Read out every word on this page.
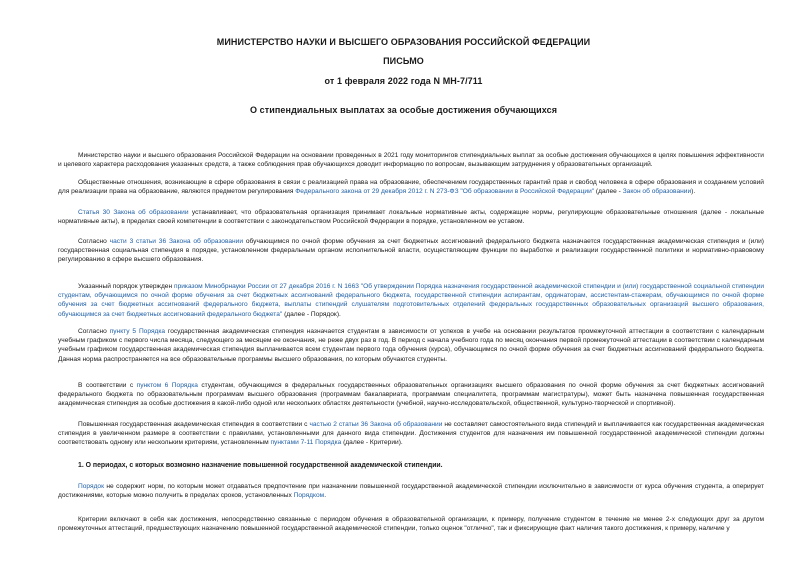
МИНИСТЕРСТВО НАУКИ И ВЫСШЕГО ОБРАЗОВАНИЯ РОССИЙСКОЙ ФЕДЕРАЦИИ
ПИСЬМО
от 1 февраля 2022 года N МН-7/711
О стипендиальных выплатах за особые достижения обучающихся

Министерство науки и высшего образования Российской Федерации на основании проведенных в 2021 году мониторингов стипендиальных выплат за особые достижения обучающихся в целях повышения эффективности и целевого характера расходования указанных средств, а также соблюдения прав обучающихся доводит информацию по вопросам, вызывающим затруднения у образовательных организаций.

Общественные отношения, возникающие в сфере образования в связи с реализацией права на образование, обеспечением государственных гарантий прав и свобод человека в сфере образования и созданием условий для реализации права на образование, являются предметом регулирования Федерального закона от 29 декабря 2012 г. N 273-ФЗ "Об образовании в Российской Федерации" (далее - Закон об образовании).

Статья 30 Закона об образовании устанавливает, что образовательная организация принимает локальные нормативные акты, содержащие нормы, регулирующие образовательные отношения (далее - локальные нормативные акты), в пределах своей компетенции в соответствии с законодательством Российской Федерации в порядке, установленном ее уставом.

Согласно части 3 статьи 36 Закона об образовании обучающимся по очной форме обучения за счет бюджетных ассигнований федерального бюджета назначается государственная академическая стипендия и (или) государственная социальная стипендия в порядке, установленном федеральным органом исполнительной власти, осуществляющим функции по выработке и реализации государственной политики и нормативно-правовому регулированию в сфере высшего образования.

Указанный порядок утвержден приказом Минобрнауки России от 27 декабря 2016 г. N 1663 "Об утверждении Порядка назначения государственной академической стипендии и (или) государственной социальной стипендии студентам, обучающимся по очной форме обучения за счет бюджетных ассигнований федерального бюджета, государственной стипендии аспирантам, ординаторам, ассистентам-стажерам, обучающимся по очной форме обучения за счет бюджетных ассигнований федерального бюджета, выплаты стипендий слушателям подготовительных отделений федеральных государственных образовательных организаций высшего образования, обучающимся за счет бюджетных ассигнований федерального бюджета" (далее - Порядок).

Согласно пункту 5 Порядка государственная академическая стипендия назначается студентам в зависимости от успехов в учебе на основании результатов промежуточной аттестации в соответствии с календарным учебным графиком с первого числа месяца, следующего за месяцем ее окончания, не реже двух раз в год. В период с начала учебного года по месяц окончания первой промежуточной аттестации в соответствии с календарным учебным графиком государственная академическая стипендия выплачивается всем студентам первого года обучения (курса), обучающимся по очной форме обучения за счет бюджетных ассигнований федерального бюджета. Данная норма распространяется на все образовательные программы высшего образования, по которым обучаются студенты.

В соответствии с пунктом 6 Порядка студентам, обучающимся в федеральных государственных образовательных организациях высшего образования по очной форме обучения за счет бюджетных ассигнований федерального бюджета по образовательным программам высшего образования (программам бакалавриата, программам специалитета, программам магистратуры), может быть назначена повышенная государственная академическая стипендия за особые достижения в какой-либо одной или нескольких областях деятельности (учебной, научно-исследовательской, общественной, культурно-творческой и спортивной).

Повышенная государственная академическая стипендия в соответствии с частью 2 статьи 36 Закона об образовании не составляет самостоятельного вида стипендий и выплачивается как государственная академическая стипендия в увеличенном размере в соответствии с правилами, установленными для данного вида стипендии. Достижения студентов для назначения им повышенной государственной академической стипендии должны соответствовать одному или нескольким критериям, установленным пунктами 7-11 Порядка (далее - Критерии).

1. О периодах, с которых возможно назначение повышенной государственной академической стипендии.

Порядок не содержит норм, по которым может отдаваться предпочтение при назначении повышенной государственной академической стипендии исключительно в зависимости от курса обучения студента, а оперирует достижениями, которые можно получить в пределах сроков, установленных Порядком.

Критерии включают в себя как достижения, непосредственно связанные с периодом обучения в образовательной организации, к примеру, получение студентом в течение не менее 2-х следующих друг за другом промежуточных аттестаций, предшествующих назначению повышенной государственной академической стипендии, только оценок "отлично", так и фиксирующие факт наличия такого достижения, к примеру, наличие у
